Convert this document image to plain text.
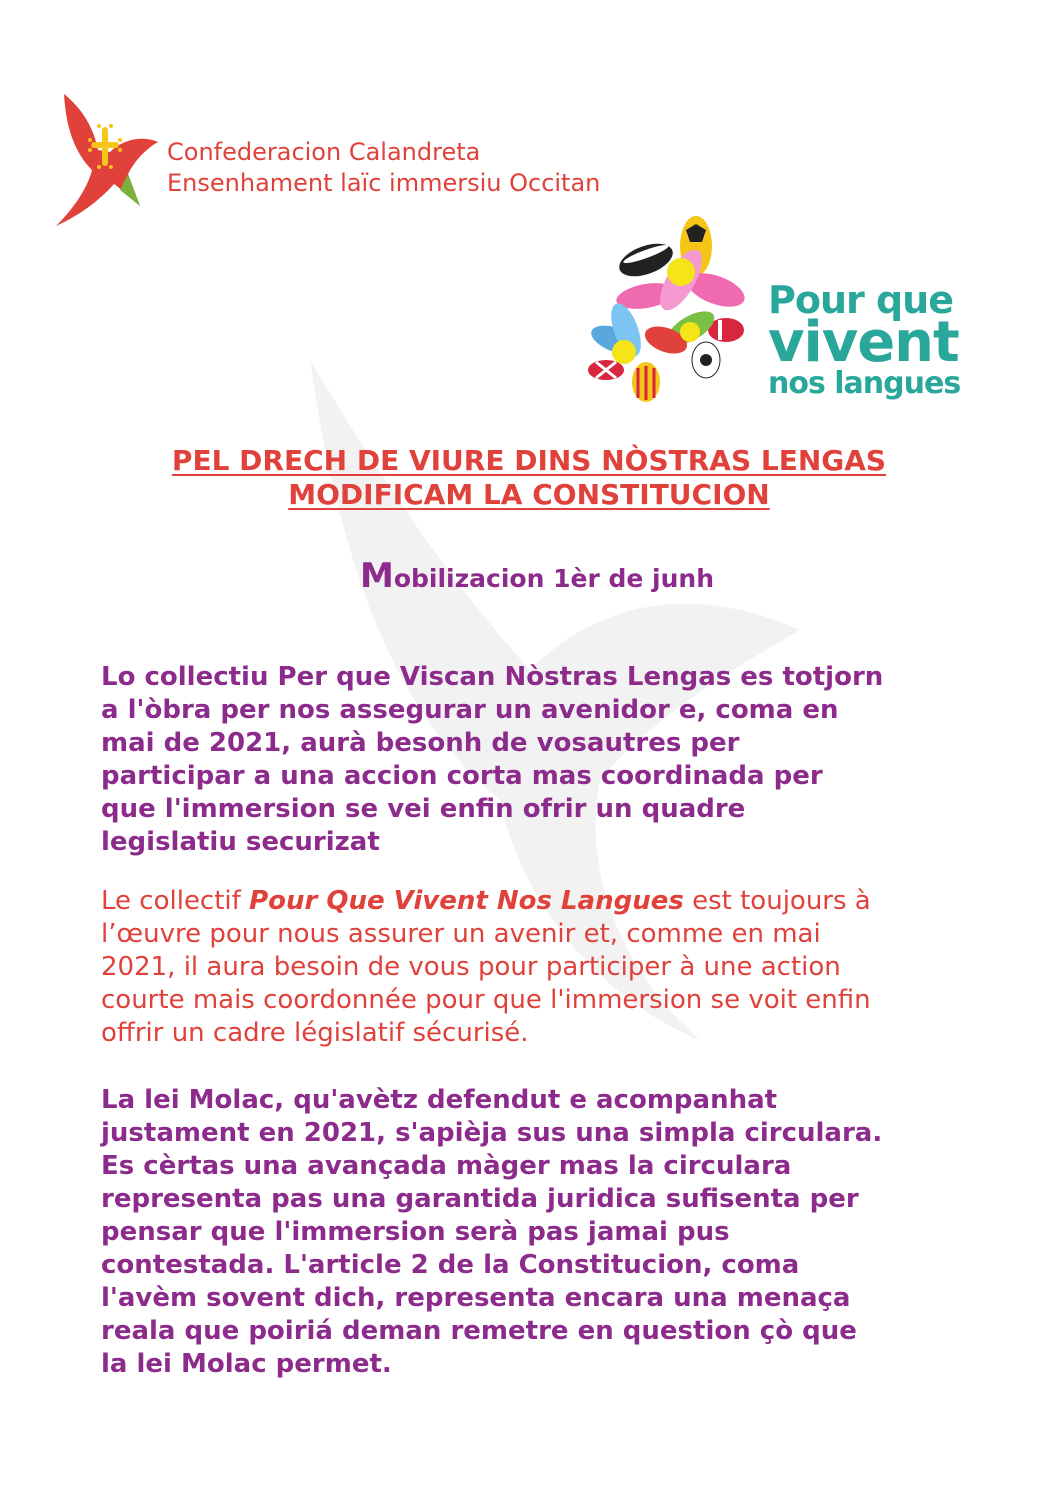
Confederacion Calandreta
Ensenhament laïc immersiu Occitan
Pour que
vivent
nos langues
PEL DRECH DE VIURE DINS NÒSTRAS LENGAS
MODIFICAM LA CONSTITUCION
Mobilizacion 1èr de junh
Lo collectiu Per que Viscan Nòstras Lengas es totjorn
a l'òbra per nos assegurar un avenidor e, coma en
mai de 2021, aurà besonh de vosautres per
participar a una accion corta mas coordinada per
que l'immersion se vei enfin ofrir un quadre
legislatiu securizat
Le collectif Pour Que Vivent Nos Langues est toujours à
l’œuvre pour nous assurer un avenir et, comme en mai
2021, il aura besoin de vous pour participer à une action
courte mais coordonnée pour que l'immersion se voit enfin
offrir un cadre législatif sécurisé.
La lei Molac, qu'avètz defendut e acompanhat
justament en 2021, s'apièja sus una simpla circulara.
Es cèrtas una avançada màger mas la circulara
representa pas una garantida juridica sufisenta per
pensar que l'immersion serà pas jamai pus
contestada. L'article 2 de la Constitucion, coma
l'avèm sovent dich, representa encara una menaça
reala que poiriá deman remetre en question çò que
la lei Molac permet.
